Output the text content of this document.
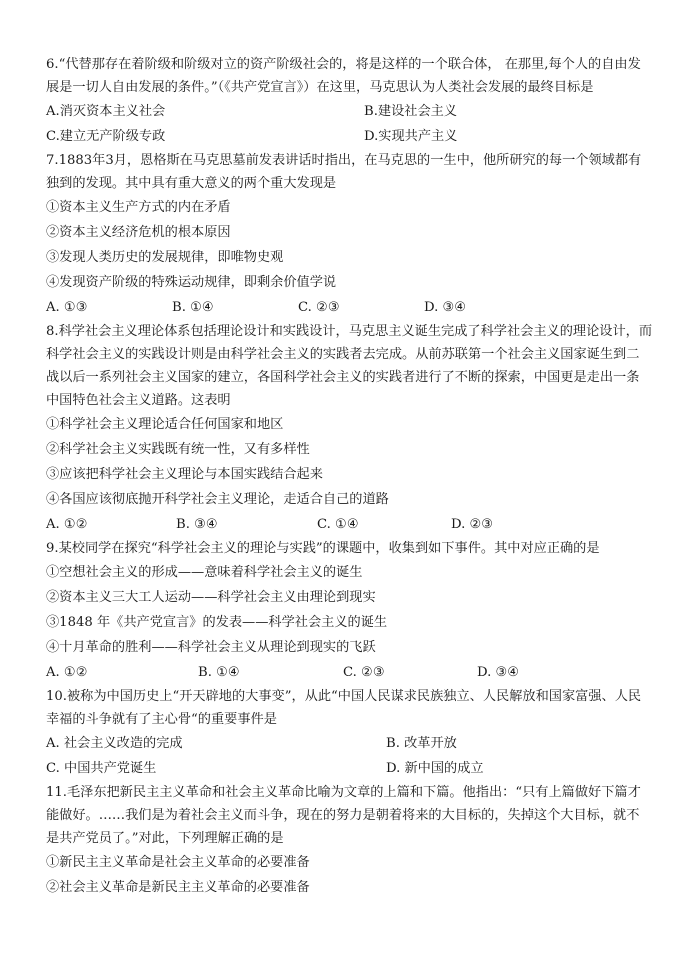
6.“代替那存在着阶级和阶级对立的资产阶级社会的，将是这样的一个联合体， 在那里,每个人的自由发展是一切人自由发展的条件。”（《共产党宣言》）在这里，马克思认为人类社会发展的最终目标是

A.消灭资本主义社会	B.建设社会主义
C.建立无产阶级专政	D.实现共产主义

7.1883年3月，恩格斯在马克思墓前发表讲话时指出，在马克思的一生中，他所研究的每一个领域都有独到的发现。其中具有重大意义的两个重大发现是

①资本主义生产方式的内在矛盾

②资本主义经济危机的根本原因

③发现人类历史的发展规律，即唯物史观

④发现资产阶级的特殊运动规律，即剩余价值学说

A. ①③	B. ①④	C. ②③	D. ③④

8.科学社会主义理论体系包括理论设计和实践设计，马克思主义诞生完成了科学社会主义的理论设计，而科学社会主义的实践设计则是由科学社会主义的实践者去完成。从前苏联第一个社会主义国家诞生到二战以后一系列社会主义国家的建立，各国科学社会主义的实践者进行了不断的探索，中国更是走出一条中国特色社会主义道路。这表明

①科学社会主义理论适合任何国家和地区

②科学社会主义实践既有统一性，又有多样性

③应该把科学社会主义理论与本国实践结合起来

④各国应该彻底抛开科学社会主义理论，走适合自己的道路

A. ①②	B. ③④	C. ①④	D. ②③

9.某校同学在探究“科学社会主义的理论与实践”的课题中，收集到如下事件。其中对应正确的是

①空想社会主义的形成——意味着科学社会主义的诞生

②资本主义三大工人运动——科学社会主义由理论到现实

③1848 年《共产党宣言》的发表——科学社会主义的诞生

④十月革命的胜利——科学社会主义从理论到现实的飞跃

A. ①②	B. ①④	C. ②③	D. ③④

10.被称为中国历史上“开天辟地的大事变”，从此“中国人民谋求民族独立、人民解放和国家富强、人民幸福的斗争就有了主心骨“的重要事件是

A. 社会主义改造的完成	B. 改革开放
C. 中国共产党诞生	D. 新中国的成立

11.毛泽东把新民主主义革命和社会主义革命比喻为文章的上篇和下篇。他指出：“只有上篇做好下篇才能做好。……我们是为着社会主义而斗争，现在的努力是朝着将来的大目标的，失掉这个大目标，就不是共产党员了。”对此，下列理解正确的是

①新民主主义革命是社会主义革命的必要准备

②社会主义革命是新民主主义革命的必要准备
